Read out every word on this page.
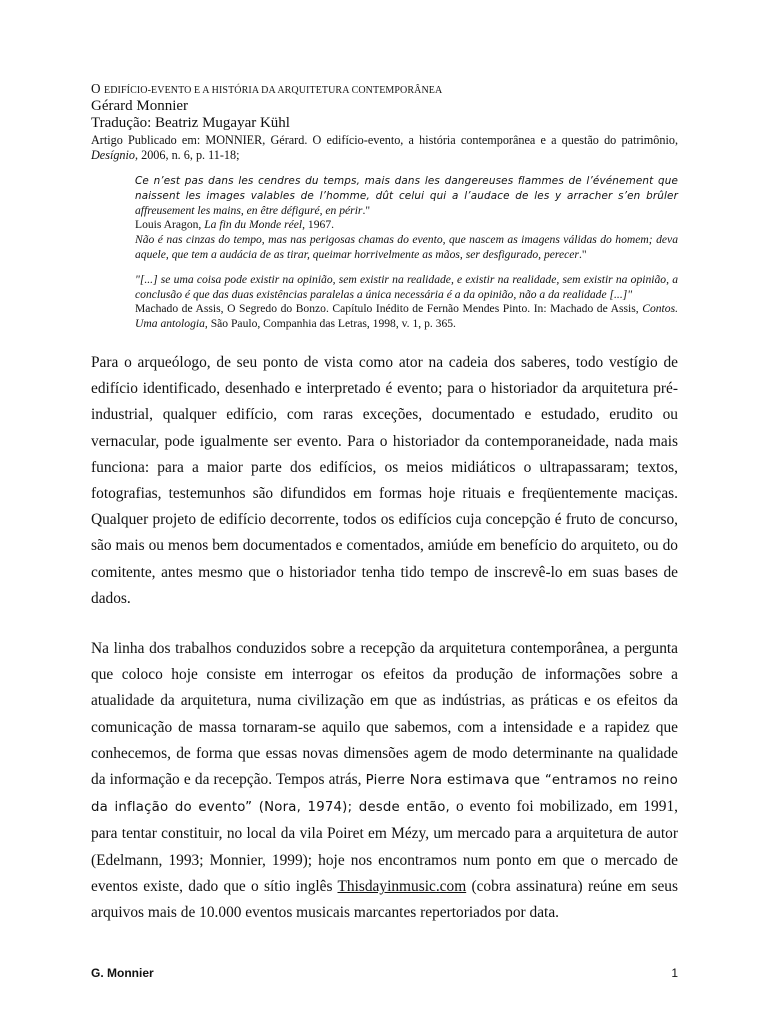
O EDIFÍCIO-EVENTO E A HISTÓRIA DA ARQUITETURA CONTEMPORÂNEA
Gérard Monnier
Tradução: Beatriz Mugayar Kühl
Artigo Publicado em: MONNIER, Gérard. O edifício-evento, a história contemporânea e a questão do patrimônio, Desígnio, 2006, n. 6, p. 11-18;

Ce n’est pas dans les cendres du temps, mais dans les dangereuses flammes de l’événement que naissent les images valables de l’homme, dût celui qui a l’audace de les y arracher s’en brûler affreusement les mains, en être défiguré, en périr."

Louis Aragon, La fin du Monde réel, 1967.

Não é nas cinzas do tempo, mas nas perigosas chamas do evento, que nascem as imagens válidas do homem; deva aquele, que tem a audácia de as tirar, queimar horrivelmente as mãos, ser desfigurado, perecer."

"[...] se uma coisa pode existir na opinião, sem existir na realidade, e existir na realidade, sem existir na opinião, a conclusão é que das duas existências paralelas a única necessária é a da opinião, não a da realidade [...]"

Machado de Assis, O Segredo do Bonzo. Capítulo Inédito de Fernão Mendes Pinto. In: Machado de Assis, Contos. Uma antologia, São Paulo, Companhia das Letras, 1998, v. 1, p. 365.

Para o arqueólogo, de seu ponto de vista como ator na cadeia dos saberes, todo vestígio de edifício identificado, desenhado e interpretado é evento; para o historiador da arquitetura pré-industrial, qualquer edifício, com raras exceções, documentado e estudado, erudito ou vernacular, pode igualmente ser evento. Para o historiador da contemporaneidade, nada mais funciona: para a maior parte dos edifícios, os meios midiáticos o ultrapassaram; textos, fotografias, testemunhos são difundidos em formas hoje rituais e freqüentemente maciças. Qualquer projeto de edifício decorrente, todos os edifícios cuja concepção é fruto de concurso, são mais ou menos bem documentados e comentados, amiúde em benefício do arquiteto, ou do comitente, antes mesmo que o historiador tenha tido tempo de inscrevê-lo em suas bases de dados.

Na linha dos trabalhos conduzidos sobre a recepção da arquitetura contemporânea, a pergunta que coloco hoje consiste em interrogar os efeitos da produção de informações sobre a atualidade da arquitetura, numa civilização em que as indústrias, as práticas e os efeitos da comunicação de massa tornaram-se aquilo que sabemos, com a intensidade e a rapidez que conhecemos, de forma que essas novas dimensões agem de modo determinante na qualidade da informação e da recepção. Tempos atrás, Pierre Nora estimava que “entramos no reino da inflação do evento” (Nora, 1974); desde então, o evento foi mobilizado, em 1991, para tentar constituir, no local da vila Poiret em Mézy, um mercado para a arquitetura de autor (Edelmann, 1993; Monnier, 1999); hoje nos encontramos num ponto em que o mercado de eventos existe, dado que o sítio inglês Thisdayinmusic.com (cobra assinatura) reúne em seus arquivos mais de 10.000 eventos musicais marcantes repertoriados por data.

G. Monnier	1
